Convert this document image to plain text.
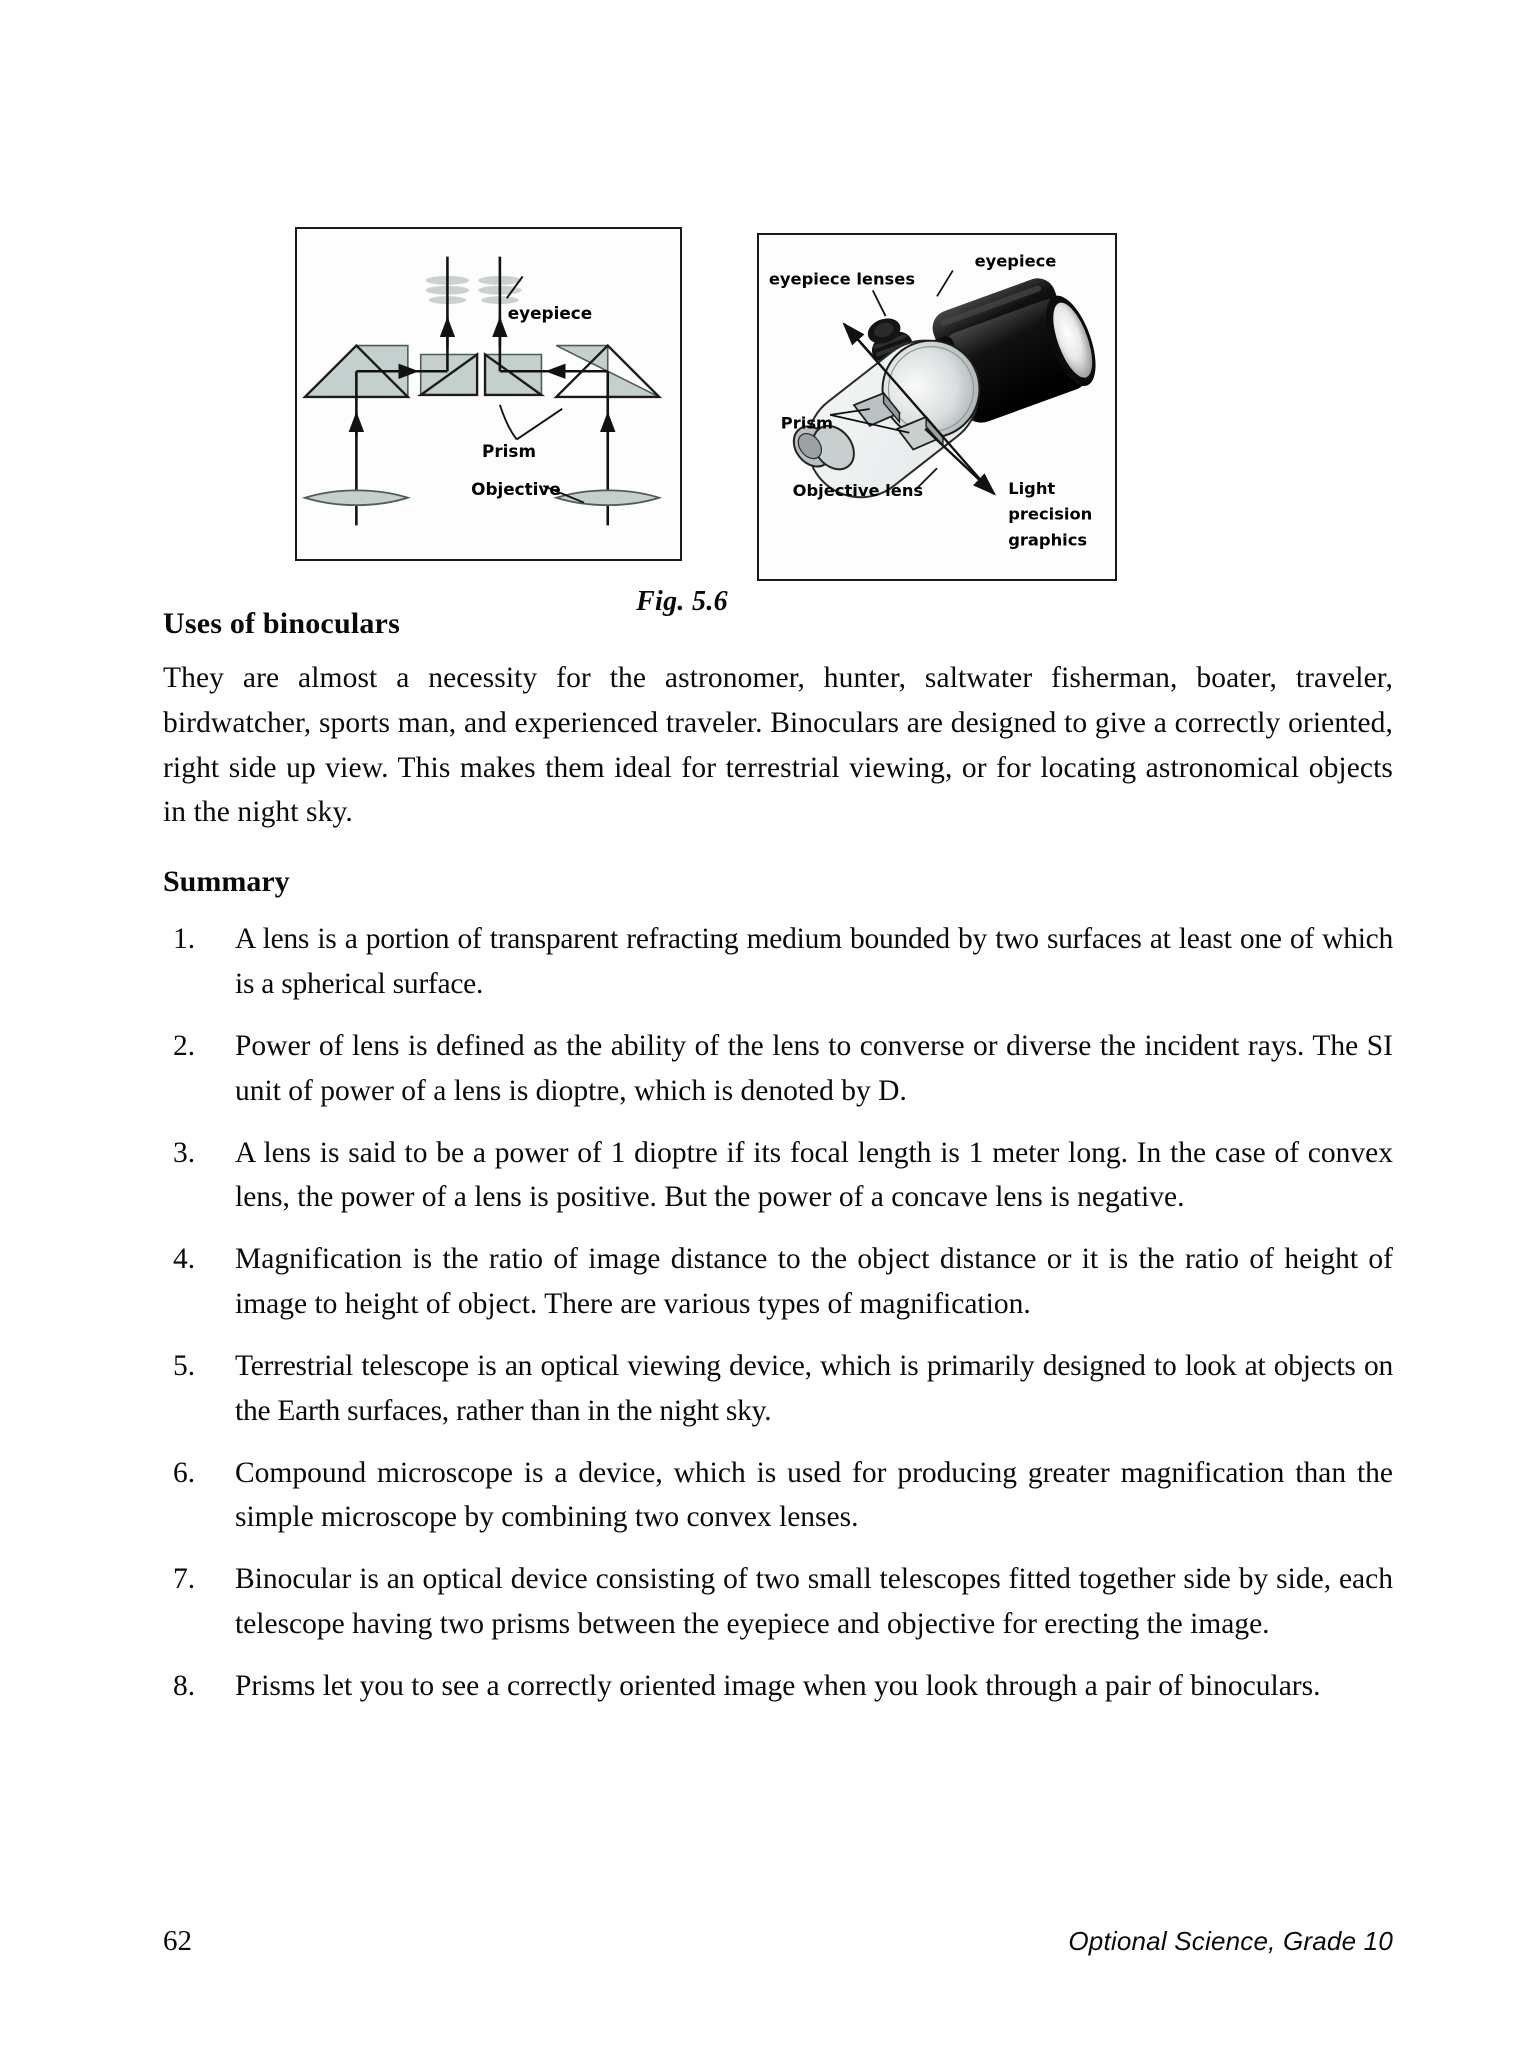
eyepiece
Prism
Objective
eyepiece lenses
eyepiece
Prism
Objective lens	Light
precision
graphics
Fig. 5.6
Uses of binoculars

They are almost a necessity for the astronomer, hunter, saltwater fisherman, boater, traveler, birdwatcher, sports man, and experienced traveler. Binoculars are designed to give a correctly oriented, right side up view. This makes them ideal for terrestrial viewing, or for locating astronomical objects in the night sky.

Summary
1.	A lens is a portion of transparent refracting medium bounded by two surfaces at least one of which is a spherical surface.
2.	Power of lens is defined as the ability of the lens to converse or diverse the incident rays. The SI unit of power of a lens is dioptre, which is denoted by D.
3.	A lens is said to be a power of 1 dioptre if its focal length is 1 meter long. In the case of convex lens, the power of a lens is positive. But the power of a concave lens is negative.
4.	Magnification is the ratio of image distance to the object distance or it is the ratio of height of image to height of object. There are various types of magnification.
5.	Terrestrial telescope is an optical viewing device, which is primarily designed to look at objects on the Earth surfaces, rather than in the night sky.
6.	Compound microscope is a device, which is used for producing greater magnification than the simple microscope by combining two convex lenses.
7.	Binocular is an optical device consisting of two small telescopes fitted together side by side, each telescope having two prisms between the eyepiece and objective for erecting the image.
8.	Prisms let you to see a correctly oriented image when you look through a pair of binoculars.
62	Optional Science, Grade 10
